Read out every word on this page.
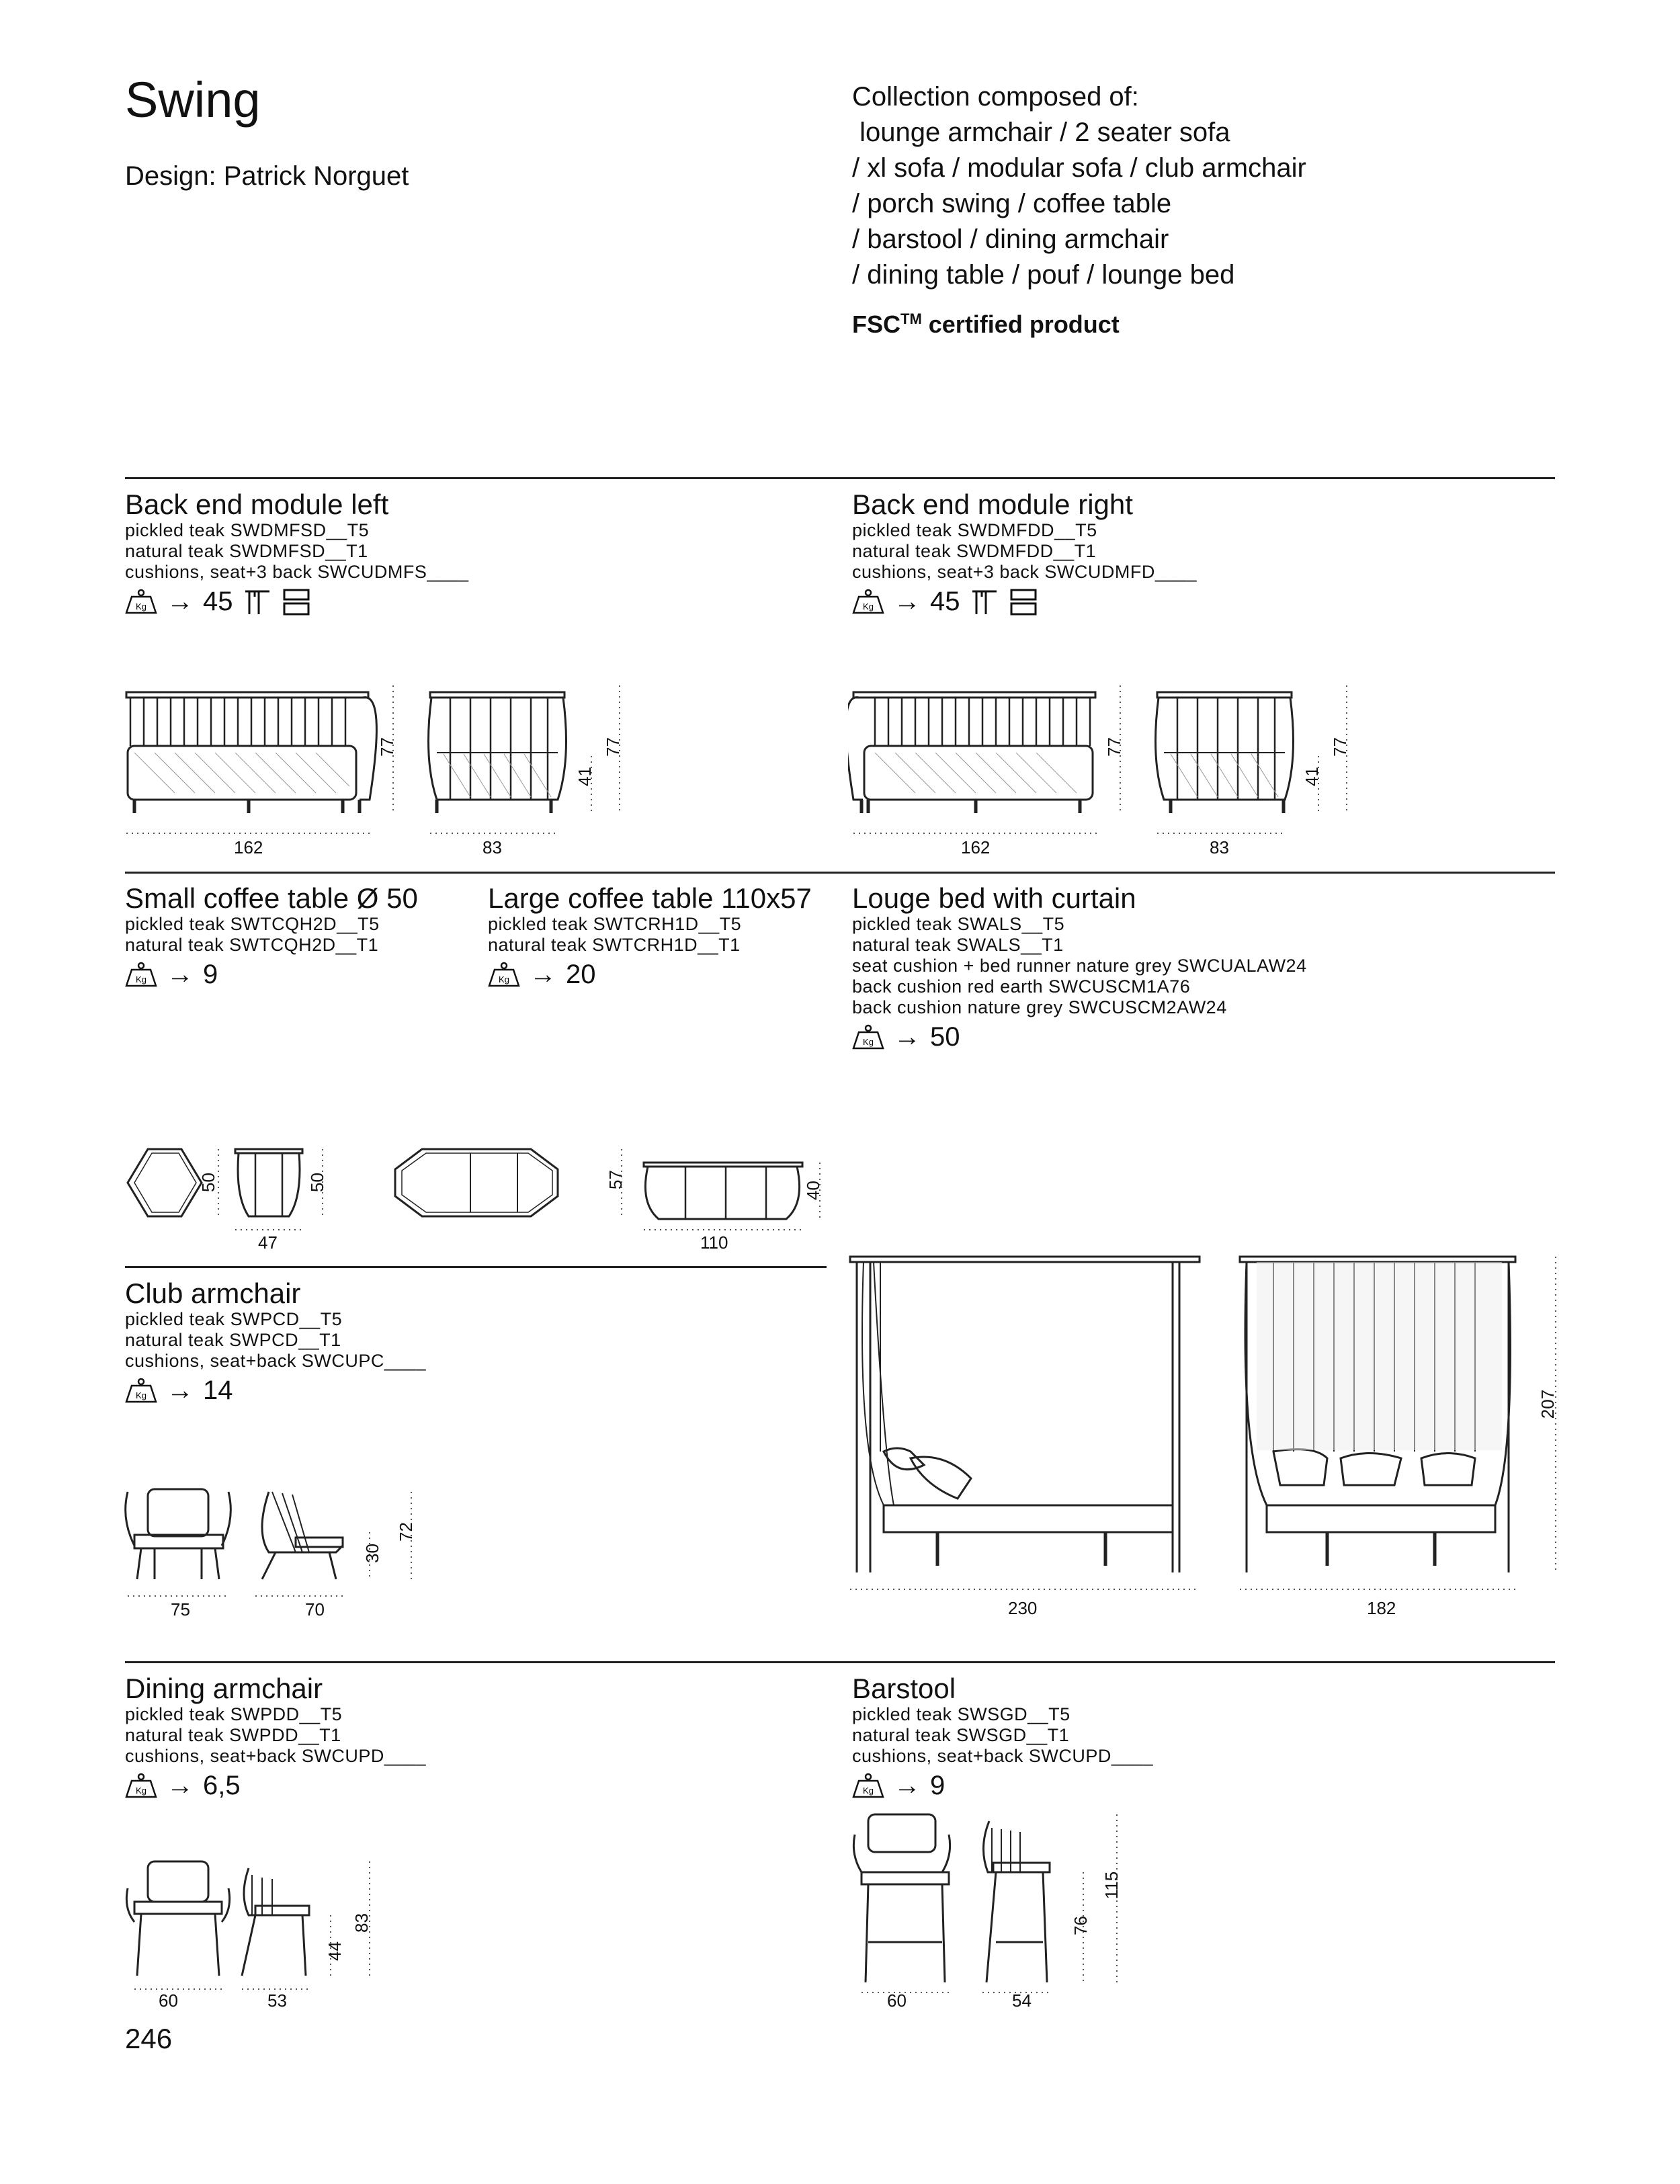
Swing
Design: Patrick Norguet
Collection composed of:
lounge armchair / 2 seater sofa
/ xl sofa / modular sofa / club armchair
/ porch swing / coffee table
/ barstool / dining armchair
/ dining table / pouf / lounge bed
FSC™ certified product
Back end module left
pickled teak SWDMFSD__T5
natural teak SWDMFSD__T1
cushions, seat+3 back SWCUDMFS____
Kg → 45
Back end module right
pickled teak SWDMFDD__T5
natural teak SWDMFDD__T1
cushions, seat+3 back SWCUDMFD____
Kg → 45
162	83
77
41
77
162	83
77
41
77
Small coffee table Ø 50
pickled teak SWTCQH2D__T5
natural teak SWTCQH2D__T1
Kg → 9
Large coffee table 110x57
pickled teak SWTCRH1D__T5
natural teak SWTCRH1D__T1
Kg → 20
Louge bed with curtain
pickled teak SWALS__T5
natural teak SWALS__T1
seat cushion + bed runner nature grey SWCUALAW24
back cushion red earth SWCUSCM1A76
back cushion nature grey SWCUSCM2AW24
Kg → 50
47
50	50
110
57
40
230	182
207
Club armchair
pickled teak SWPCD__T5
natural teak SWPCD__T1
cushions, seat+back SWCUPC____
Kg → 14
75	70
30
72
Dining armchair
pickled teak SWPDD__T5
natural teak SWPDD__T1
cushions, seat+back SWCUPD____
Kg → 6,5
60	53
44
83
Barstool
pickled teak SWSGD__T5
natural teak SWSGD__T1
cushions, seat+back SWCUPD____
Kg → 9
60	54
76
115
246
